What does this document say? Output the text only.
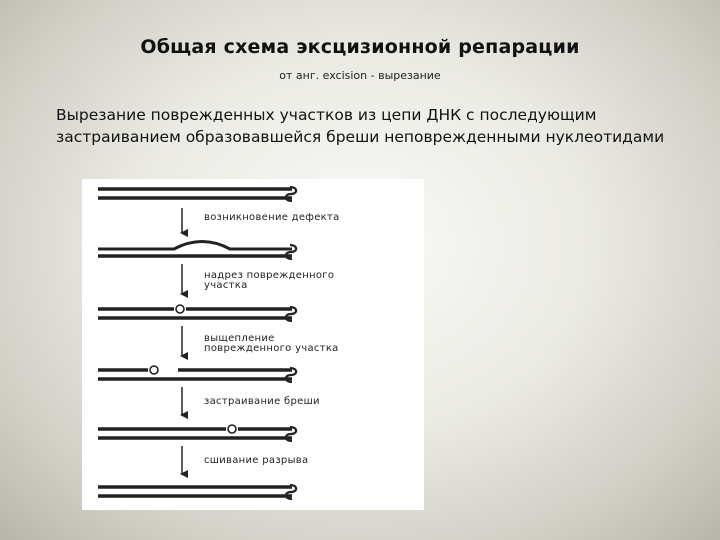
Общая схема эксцизионной репарации
от анг. excision - вырезание
Вырезание поврежденных участков из цепи ДНК с последующим застраиванием образовавшейся бреши неповрежденными нуклеотидами
возникновение дефекта
надрез поврежденного
участка
выщепление
поврежденного участка
застраивание бреши
сшивание разрыва
